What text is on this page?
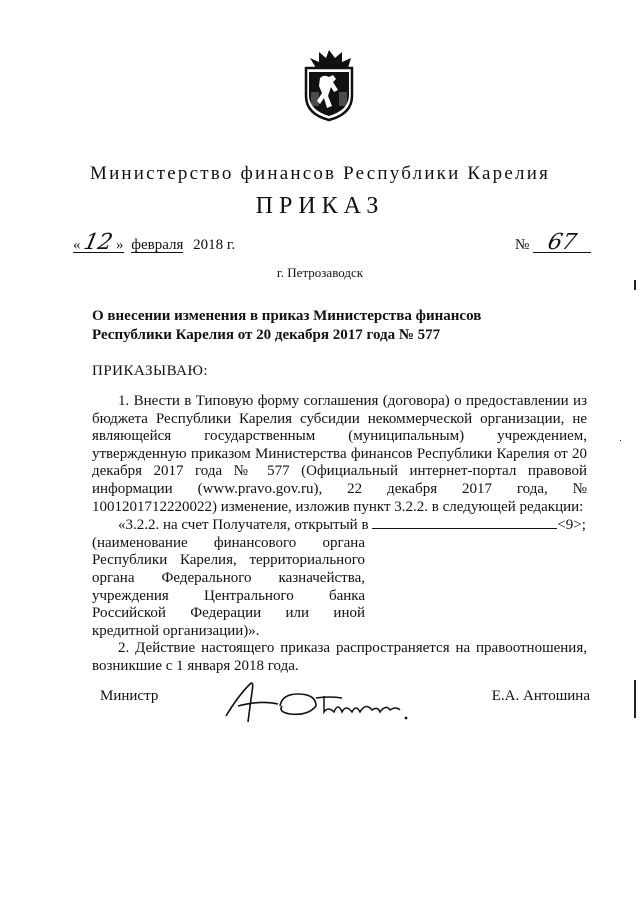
Министерство финансов Республики Карелия
ПРИКАЗ
« 12 » февраля 2018 г.	№ 67
г. Петрозаводск
О внесении изменения в приказ Министерства финансов Республики Карелия от 20 декабря 2017 года № 577
ПРИКАЗЫВАЮ:

1. Внести в Типовую форму соглашения (договора) о предоставлении из бюджета Республики Карелия субсидии некоммерческой организации, не являющейся государственным (муниципальным) учреждением, утвержденную приказом Министерства финансов Республики Карелия от 20 декабря 2017 года № 577 (Официальный интернет-портал правовой информации (www.pravo.gov.ru), 22 декабря 2017 года, № 1001201712220022) изменение, изложив пункт 3.2.2. в следующей редакции:

«3.2.2. на счет Получателя, открытый в	<9>;

(наименование финансового органа Республики Карелия, территориального органа Федерального казначейства, учреждения Центрального банка Российской Федерации или иной кредитной организации)».

2. Действие настоящего приказа распространяется на правоотношения, возникшие с 1 января 2018 года.

Министр	Е.А. Антошина
